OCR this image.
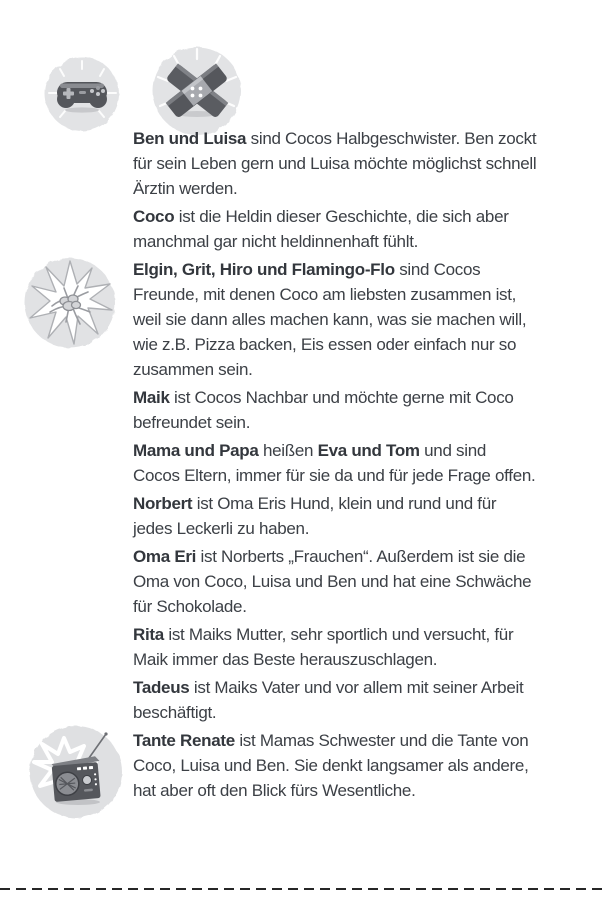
Ben und Luisa sind Cocos Halbgeschwister. Ben zockt für sein Leben gern und Luisa möchte möglichst schnell Ärztin werden.

Coco ist die Heldin dieser Geschichte, die sich aber manchmal gar nicht heldinnenhaft fühlt.

Elgin, Grit, Hiro und Flamingo-Flo sind Cocos Freunde, mit denen Coco am liebsten zusammen ist, weil sie dann alles machen kann, was sie machen will, wie z.B. Pizza backen, Eis essen oder einfach nur so zusammen sein.

Maik ist Cocos Nachbar und möchte gerne mit Coco befreundet sein.

Mama und Papa heißen Eva und Tom und sind Cocos Eltern, immer für sie da und für jede Frage offen.

Norbert ist Oma Eris Hund, klein und rund und für jedes Leckerli zu haben.

Oma Eri ist Norberts „Frauchen“. Außerdem ist sie die Oma von Coco, Luisa und Ben und hat eine Schwäche für Schokolade.

Rita ist Maiks Mutter, sehr sportlich und versucht, für Maik immer das Beste herauszuschlagen.

Tadeus ist Maiks Vater und vor allem mit seiner Arbeit beschäftigt.

Tante Renate ist Mamas Schwester und die Tante von Coco, Luisa und Ben. Sie denkt langsamer als andere, hat aber oft den Blick fürs Wesentliche.
